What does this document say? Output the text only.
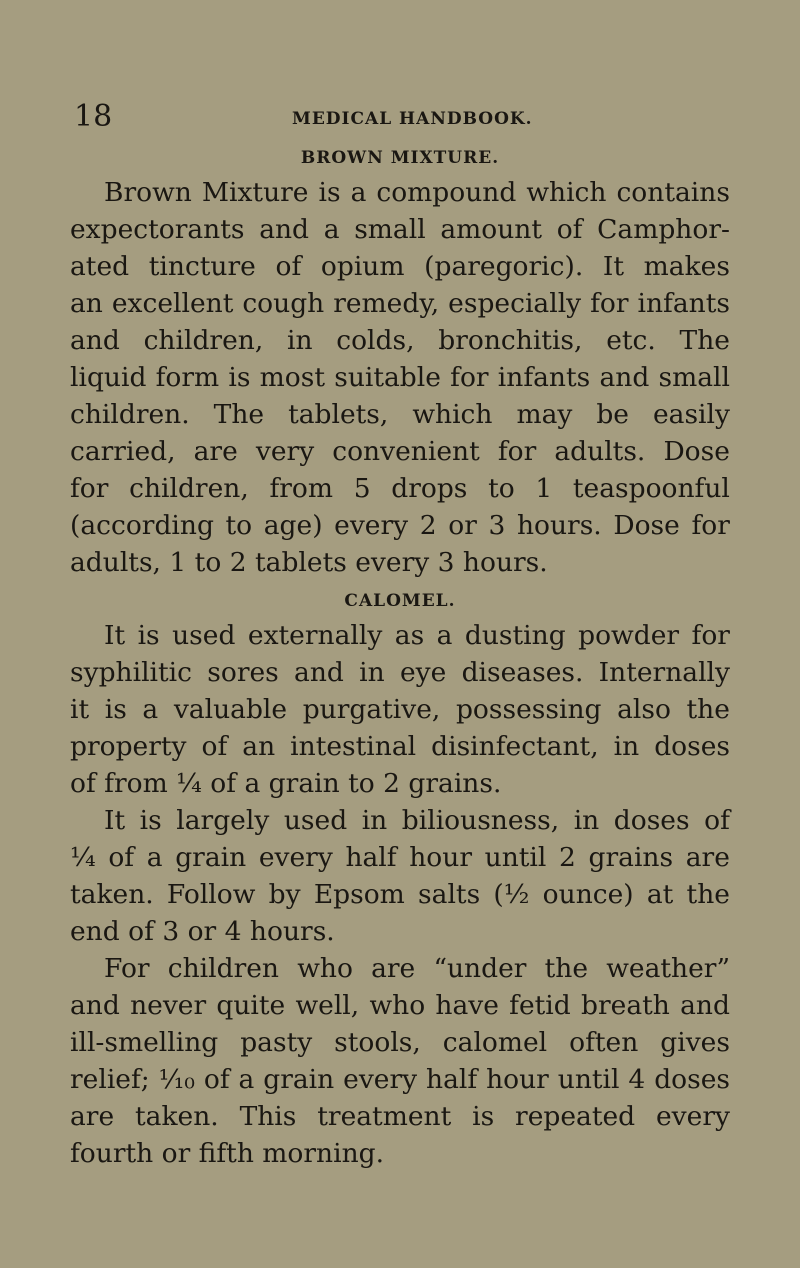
18	MEDICAL HANDBOOK.
BROWN MIXTURE.
Brown Mixture is a compound which contains
expectorants and a small amount of Camphor-
ated tincture of opium (paregoric). It makes
an excellent cough remedy, especially for infants
and children, in colds, bronchitis, etc. The
liquid form is most suitable for infants and small
children. The tablets, which may be easily
carried, are very convenient for adults. Dose
for children, from 5 drops to 1 teaspoonful
(according to age) every 2 or 3 hours. Dose for
adults, 1 to 2 tablets every 3 hours.
CALOMEL.
It is used externally as a dusting powder for
syphilitic sores and in eye diseases. Internally
it is a valuable purgative, possessing also the
property of an intestinal disinfectant, in doses
of from ¼ of a grain to 2 grains.
It is largely used in biliousness, in doses of
¼ of a grain every half hour until 2 grains are
taken. Follow by Epsom salts (½ ounce) at the
end of 3 or 4 hours.
For children who are “under the weather”
and never quite well, who have fetid breath and
ill-smelling pasty stools, calomel often gives
relief; ⅒ of a grain every half hour until 4 doses
are taken. This treatment is repeated every
fourth or fifth morning.
